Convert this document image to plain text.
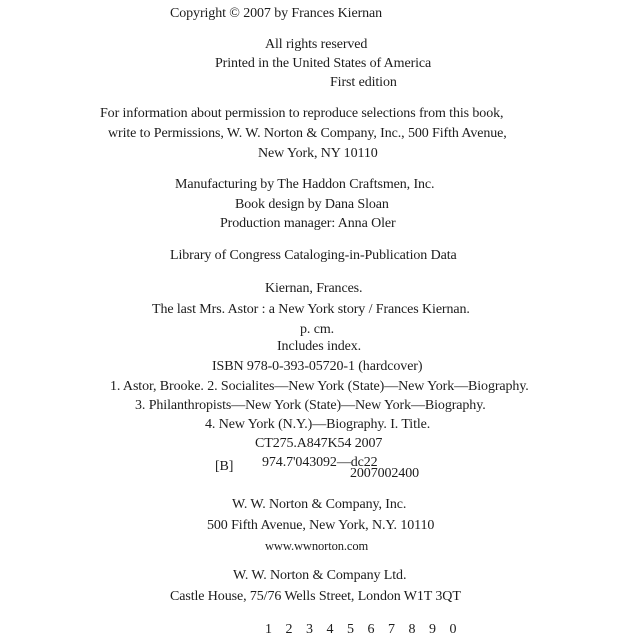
Copyright © 2007 by Frances Kiernan
All rights reserved
Printed in the United States of America
First edition
For information about permission to reproduce selections from this book,
write to Permissions, W. W. Norton & Company, Inc., 500 Fifth Avenue,
New York, NY 10110
Manufacturing by The Haddon Craftsmen, Inc.
Book design by Dana Sloan
Production manager: Anna Oler
Library of Congress Cataloging-in-Publication Data
Kiernan, Frances.
The last Mrs. Astor : a New York story / Frances Kiernan.
p. cm.
Includes index.
ISBN 978-0-393-05720-1 (hardcover)
1. Astor, Brooke. 2. Socialites—New York (State)—New York—Biography.
3. Philanthropists—New York (State)—New York—Biography.
4. New York (N.Y.)—Biography. I. Title.
CT275.A847K54 2007
974.7'043092—dc22
[B]	2007002400
W. W. Norton & Company, Inc.
500 Fifth Avenue, New York, N.Y. 10110
www.wwnorton.com
W. W. Norton & Company Ltd.
Castle House, 75/76 Wells Street, London W1T 3QT
1 2 3 4 5 6 7 8 9 0
